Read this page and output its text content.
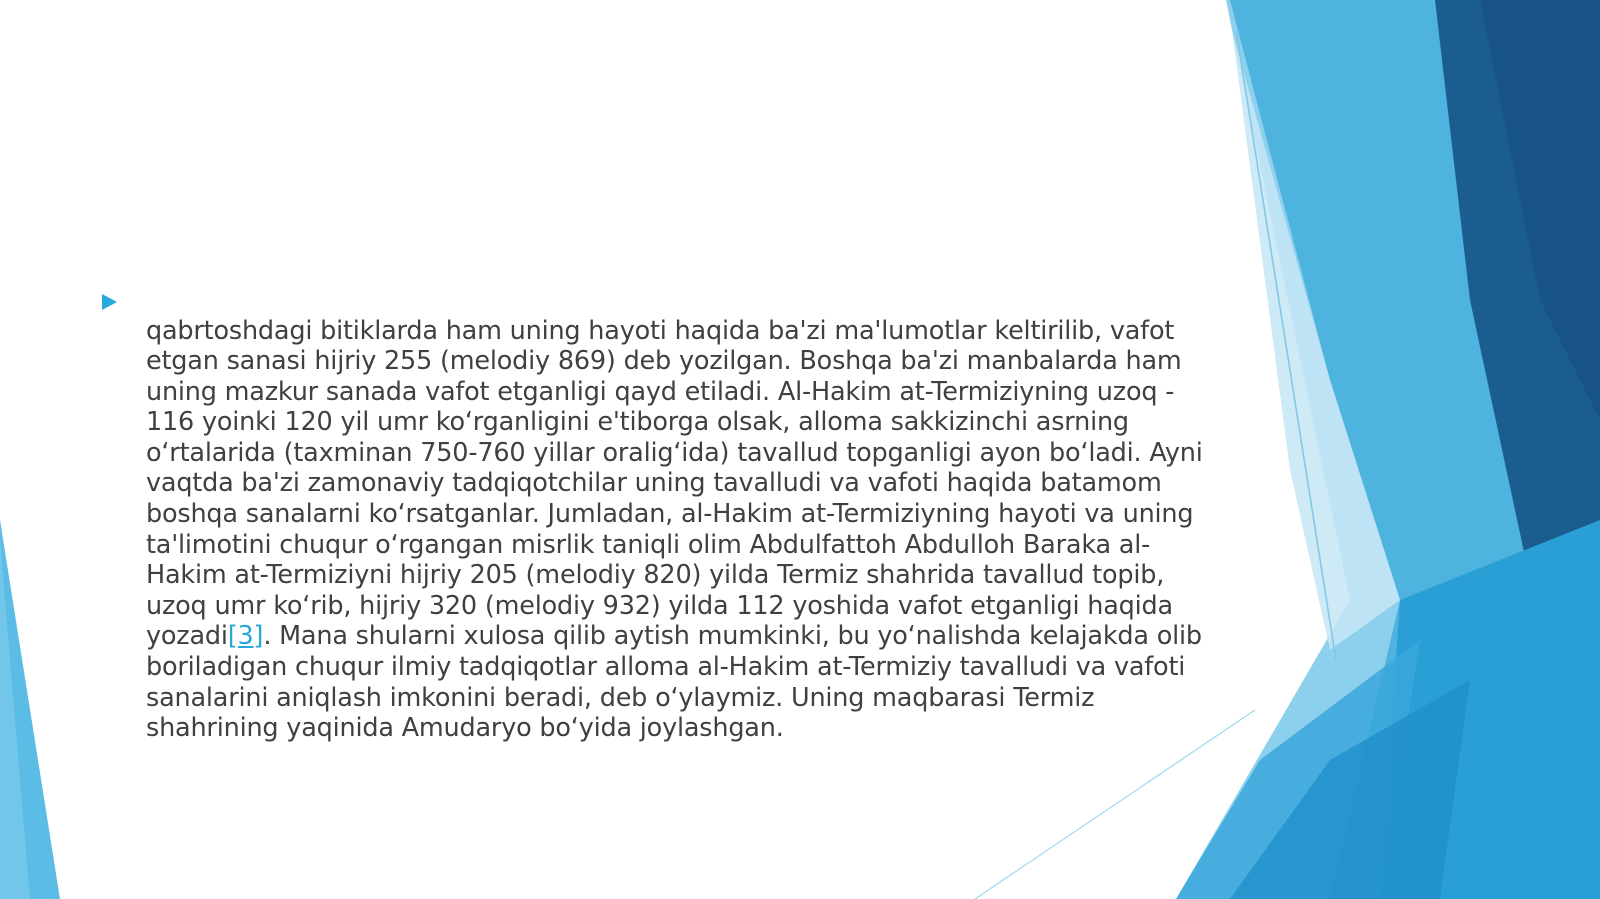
qabrtoshdagi bitiklarda ham uning hayoti haqida ba'zi ma'lumotlar keltirilib, vafot etgan sanasi hijriy 255 (melodiy 869) deb yozilgan. Boshqa ba'zi manbalarda ham uning mazkur sanada vafot etganligi qayd etiladi. Al-Hakim at-Termiziyning uzoq - 116 yoinki 120 yil umr ko‘rganligini e'tiborga olsak, alloma sakkizinchi asrning o‘rtalarida (taxminan 750-760 yillar oralig‘ida) tavallud topganligi ayon bo‘ladi. Ayni vaqtda ba'zi zamonaviy tadqiqotchilar uning tavalludi va vafoti haqida batamom boshqa sanalarni ko‘rsatganlar. Jumladan, al-Hakim at-Termiziyning hayoti va uning ta'limotini chuqur o‘rgangan misrlik taniqli olim Abdulfattoh Abdulloh Baraka al-Hakim at-Termiziyni hijriy 205 (melodiy 820) yilda Termiz shahrida tavallud topib, uzoq umr ko‘rib, hijriy 320 (melodiy 932) yilda 112 yoshida vafot etganligi haqida yozadi[3]. Mana shularni xulosa qilib aytish mumkinki, bu yo‘nalishda kelajakda olib boriladigan chuqur ilmiy tadqiqotlar alloma al-Hakim at-Termiziy tavalludi va vafoti sanalarini aniqlash imkonini beradi, deb o‘ylaymiz. Uning maqbarasi Termiz shahrining yaqinida Amudaryo bo‘yida joylashgan.
